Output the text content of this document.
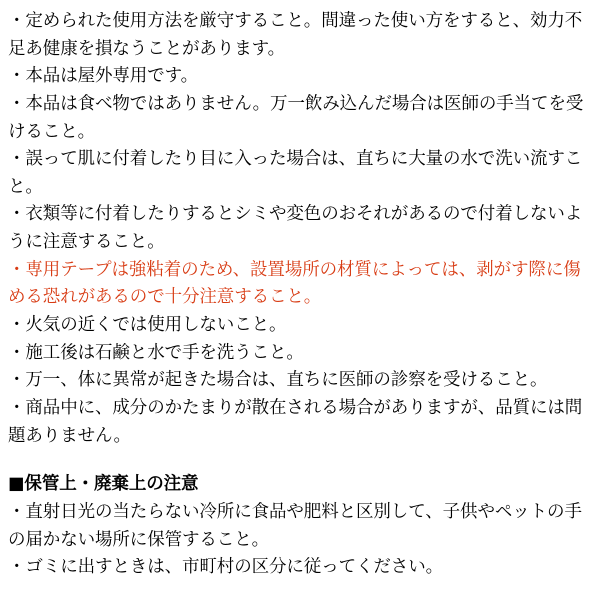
・定められた使用方法を厳守すること。間違った使い方をすると、効力不足あ健康を損なうことがあります。

・本品は屋外専用です。

・本品は食べ物ではありません。万一飲み込んだ場合は医師の手当てを受けること。

・誤って肌に付着したり目に入った場合は、直ちに大量の水で洗い流すこと。

・衣類等に付着したりするとシミや変色のおそれがあるので付着しないように注意すること。

・専用テープは強粘着のため、設置場所の材質によっては、剥がす際に傷める恐れがあるので十分注意すること。

・火気の近くでは使用しないこと。

・施工後は石鹸と水で手を洗うこと。

・万一、体に異常が起きた場合は、直ちに医師の診察を受けること。

・商品中に、成分のかたまりが散在される場合がありますが、品質には問題ありません。

■保管上・廃棄上の注意

・直射日光の当たらない冷所に食品や肥料と区別して、子供やペットの手の届かない場所に保管すること。

・ゴミに出すときは、市町村の区分に従ってください。
